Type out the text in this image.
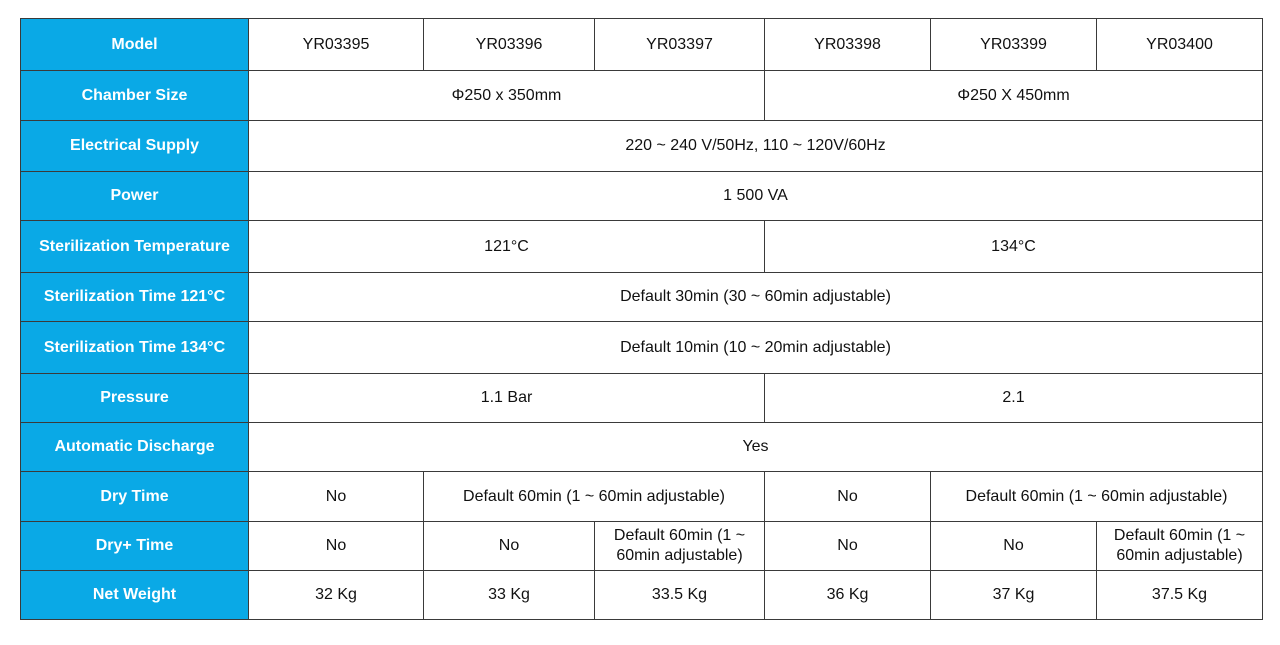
Model	YR03395	YR03396	YR03397	YR03398	YR03399	YR03400
Chamber Size	Φ250 x 350mm			Φ250 X 450mm		
Electrical Supply	220 ~ 240 V/50Hz, 110 ~ 120V/60Hz					
Power	1 500 VA					
Sterilization Temperature	121°C			134°C		
Sterilization Time 121°C	Default 30min (30 ~ 60min adjustable)					
Sterilization Time 134°C	Default 10min (10 ~ 20min adjustable)					
Pressure	1.1 Bar			2.1		
Automatic Discharge	Yes					
Dry Time	No	Default 60min (1 ~ 60min adjustable)		No	Default 60min (1 ~ 60min adjustable)	
Dry+ Time	No	No	Default 60min (1 ~ 60min adjustable)	No	No	Default 60min (1 ~ 60min adjustable)
Net Weight	32 Kg	33 Kg	33.5 Kg	36 Kg	37 Kg	37.5 Kg
